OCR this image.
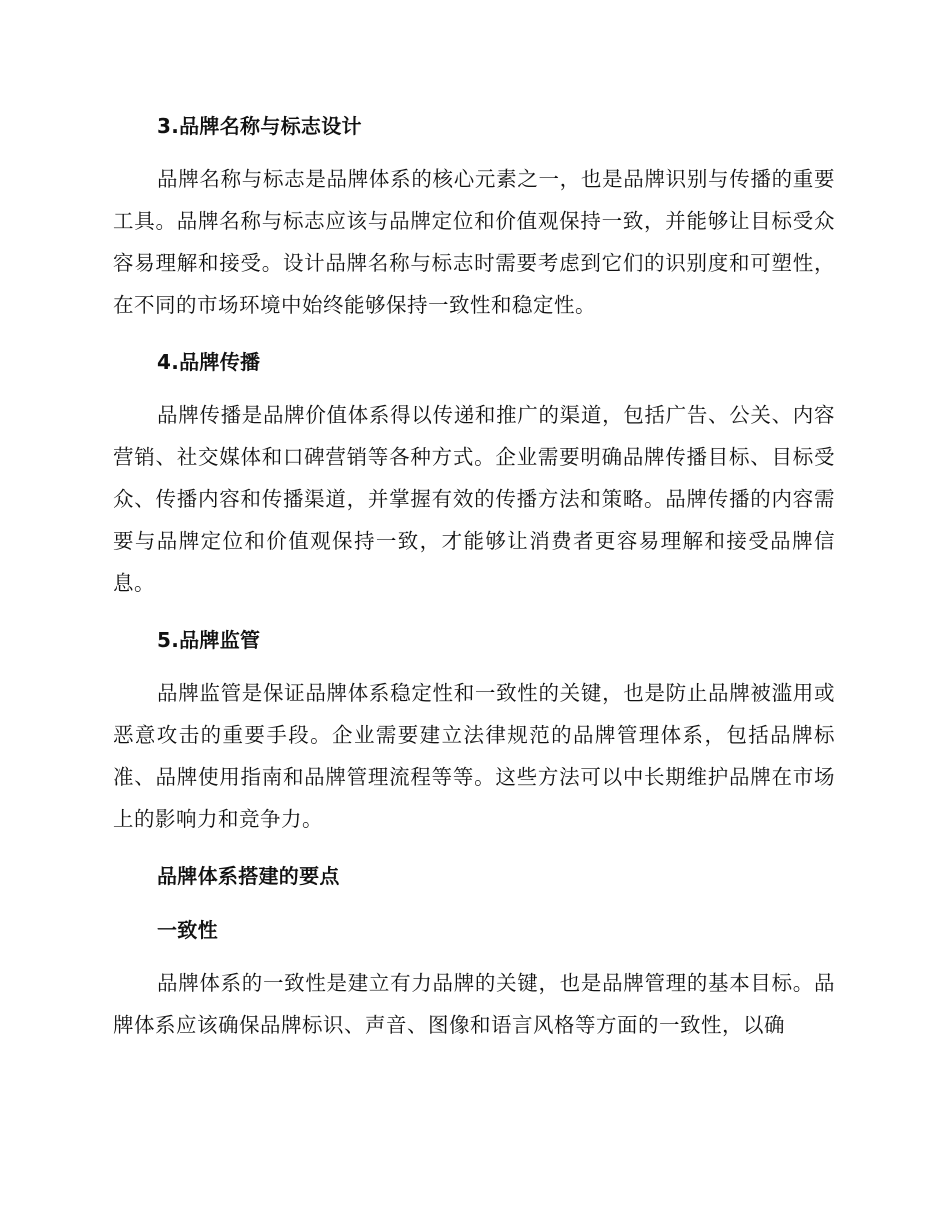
3.品牌名称与标志设计

品牌名称与标志是品牌体系的核心元素之一，也是品牌识别与传播的重要工具。品牌名称与标志应该与品牌定位和价值观保持一致，并能够让目标受众容易理解和接受。设计品牌名称与标志时需要考虑到它们的识别度和可塑性，在不同的市场环境中始终能够保持一致性和稳定性。

4.品牌传播

品牌传播是品牌价值体系得以传递和推广的渠道，包括广告、公关、内容营销、社交媒体和口碑营销等各种方式。企业需要明确品牌传播目标、目标受众、传播内容和传播渠道，并掌握有效的传播方法和策略。品牌传播的内容需要与品牌定位和价值观保持一致，才能够让消费者更容易理解和接受品牌信息。

5.品牌监管

品牌监管是保证品牌体系稳定性和一致性的关键，也是防止品牌被滥用或恶意攻击的重要手段。企业需要建立法律规范的品牌管理体系，包括品牌标准、品牌使用指南和品牌管理流程等等。这些方法可以中长期维护品牌在市场上的影响力和竞争力。

品牌体系搭建的要点
一致性

品牌体系的一致性是建立有力品牌的关键，也是品牌管理的基本目标。品牌体系应该确保品牌标识、声音、图像和语言风格等方面的一致性，以确
